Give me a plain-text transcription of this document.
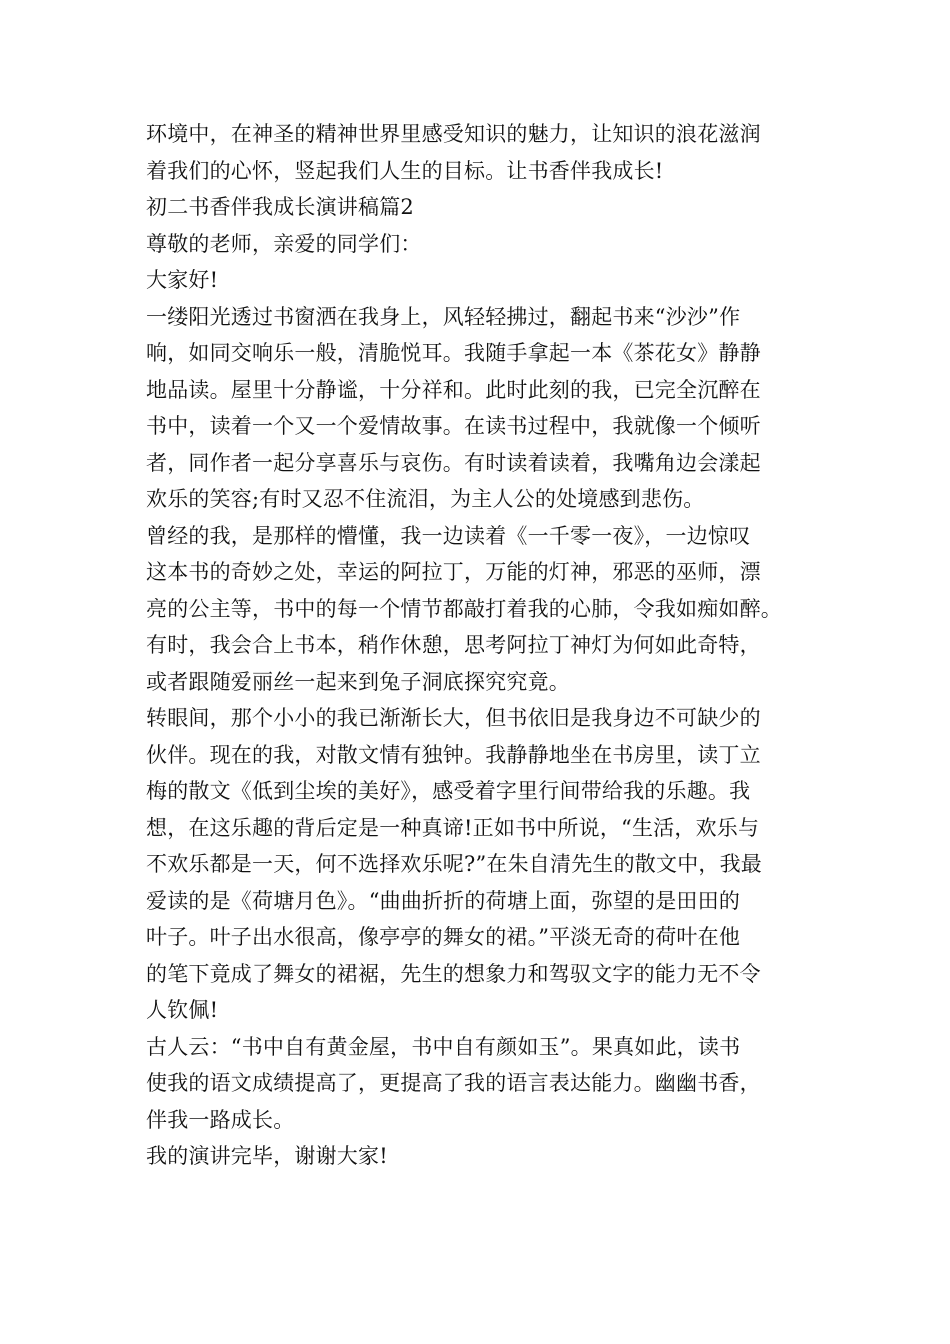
环境中，在神圣的精神世界里感受知识的魅力，让知识的浪花滋润
着我们的心怀，竖起我们人生的目标。让书香伴我成长!
初二书香伴我成长演讲稿篇2
尊敬的老师，亲爱的同学们：
大家好!
一缕阳光透过书窗洒在我身上，风轻轻拂过，翻起书来“沙沙”作
响，如同交响乐一般，清脆悦耳。我随手拿起一本《茶花女》静静
地品读。屋里十分静谧，十分祥和。此时此刻的我，已完全沉醉在
书中，读着一个又一个爱情故事。在读书过程中，我就像一个倾听
者，同作者一起分享喜乐与哀伤。有时读着读着，我嘴角边会漾起
欢乐的笑容;有时又忍不住流泪，为主人公的处境感到悲伤。
曾经的我，是那样的懵懂，我一边读着《一千零一夜》，一边惊叹
这本书的奇妙之处，幸运的阿拉丁，万能的灯神，邪恶的巫师，漂
亮的公主等，书中的每一个情节都敲打着我的心肺，令我如痴如醉。
有时，我会合上书本，稍作休憩，思考阿拉丁神灯为何如此奇特，
或者跟随爱丽丝一起来到兔子洞底探究究竟。
转眼间，那个小小的我已渐渐长大，但书依旧是我身边不可缺少的
伙伴。现在的我，对散文情有独钟。我静静地坐在书房里，读丁立
梅的散文《低到尘埃的美好》，感受着字里行间带给我的乐趣。我
想，在这乐趣的背后定是一种真谛!正如书中所说，“生活，欢乐与
不欢乐都是一天，何不选择欢乐呢?”在朱自清先生的散文中，我最
爱读的是《荷塘月色》。“曲曲折折的荷塘上面，弥望的是田田的
叶子。叶子出水很高，像亭亭的舞女的裙。”平淡无奇的荷叶在他
的笔下竟成了舞女的裙裾，先生的想象力和驾驭文字的能力无不令
人钦佩!
古人云：“书中自有黄金屋，书中自有颜如玉”。果真如此，读书
使我的语文成绩提高了，更提高了我的语言表达能力。幽幽书香，
伴我一路成长。
我的演讲完毕，谢谢大家!
